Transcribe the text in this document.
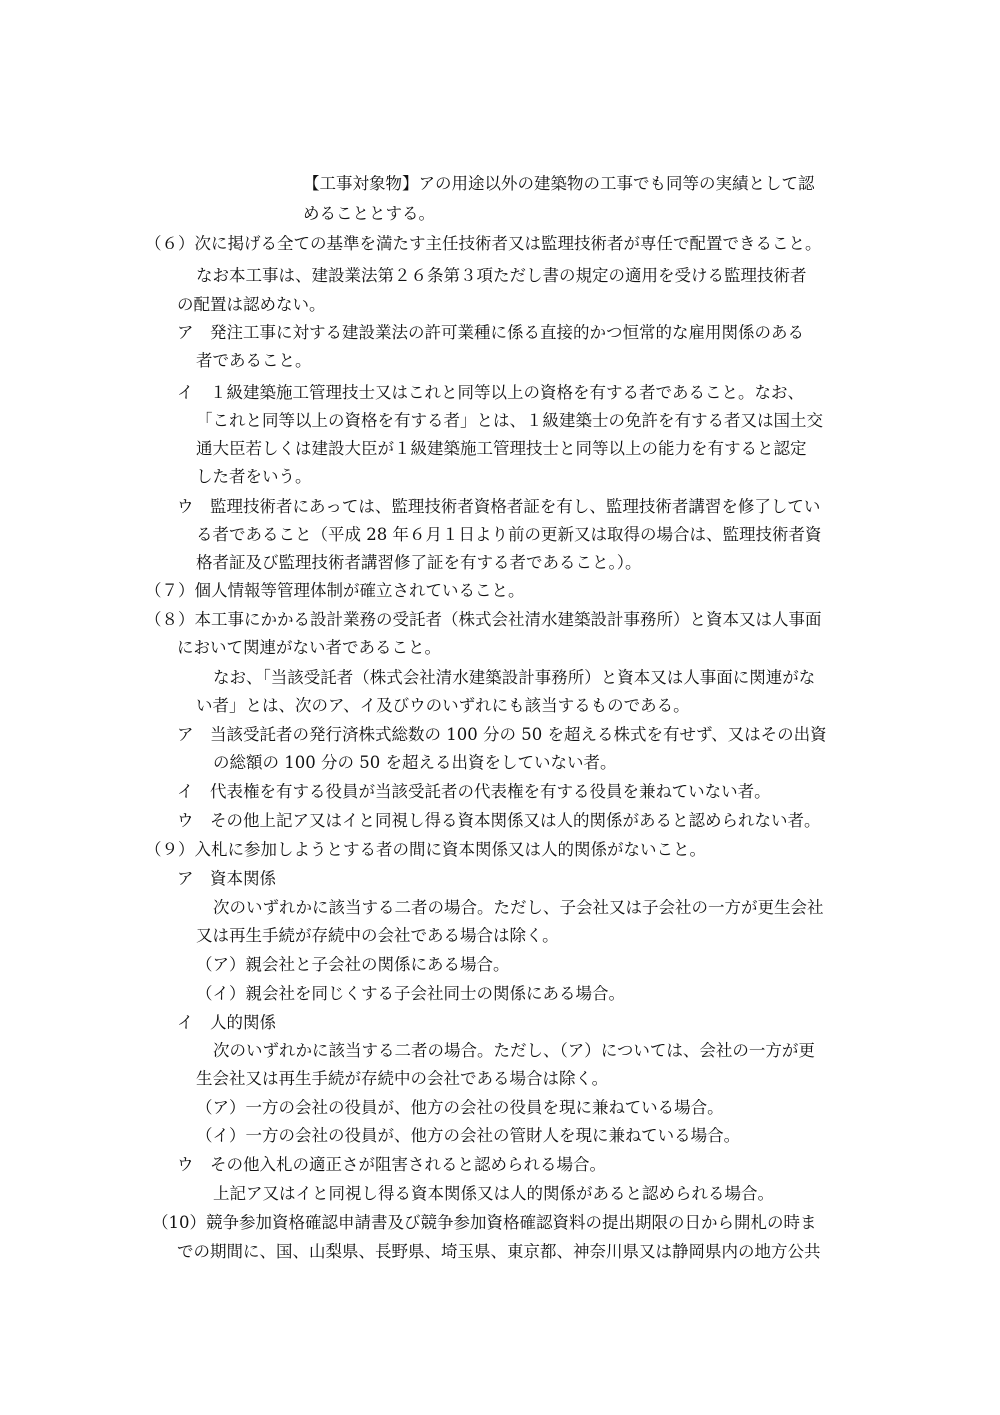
【工事対象物】アの用途以外の建築物の工事でも同等の実績として認

めることとする。

（６）次に掲げる全ての基準を満たす主任技術者又は監理技術者が専任で配置できること。

なお本工事は、建設業法第２６条第３項ただし書の規定の適用を受ける監理技術者

の配置は認めない。

ア　発注工事に対する建設業法の許可業種に係る直接的かつ恒常的な雇用関係のある

者であること。

イ　１級建築施工管理技士又はこれと同等以上の資格を有する者であること。なお、

「これと同等以上の資格を有する者」とは、１級建築士の免許を有する者又は国土交

通大臣若しくは建設大臣が１級建築施工管理技士と同等以上の能力を有すると認定

した者をいう。

ウ　監理技術者にあっては、監理技術者資格者証を有し、監理技術者講習を修了してい

る者であること（平成 28 年６月１日より前の更新又は取得の場合は、監理技術者資

格者証及び監理技術者講習修了証を有する者であること。）。

（７）個人情報等管理体制が確立されていること。

（８）本工事にかかる設計業務の受託者（株式会社清水建築設計事務所）と資本又は人事面

において関連がない者であること。

なお、「当該受託者（株式会社清水建築設計事務所）と資本又は人事面に関連がな

い者」とは、次のア、イ及びウのいずれにも該当するものである。

ア　当該受託者の発行済株式総数の 100 分の 50 を超える株式を有せず、又はその出資

の総額の 100 分の 50 を超える出資をしていない者。

イ　代表権を有する役員が当該受託者の代表権を有する役員を兼ねていない者。

ウ　その他上記ア又はイと同視し得る資本関係又は人的関係があると認められない者。

（９）入札に参加しようとする者の間に資本関係又は人的関係がないこと。

ア　資本関係

次のいずれかに該当する二者の場合。ただし、子会社又は子会社の一方が更生会社

又は再生手続が存続中の会社である場合は除く。

（ア）親会社と子会社の関係にある場合。

（イ）親会社を同じくする子会社同士の関係にある場合。

イ　人的関係

次のいずれかに該当する二者の場合。ただし、（ア）については、会社の一方が更

生会社又は再生手続が存続中の会社である場合は除く。

（ア）一方の会社の役員が、他方の会社の役員を現に兼ねている場合。

（イ）一方の会社の役員が、他方の会社の管財人を現に兼ねている場合。

ウ　その他入札の適正さが阻害されると認められる場合。

上記ア又はイと同視し得る資本関係又は人的関係があると認められる場合。

（10）競争参加資格確認申請書及び競争参加資格確認資料の提出期限の日から開札の時ま

での期間に、国、山梨県、長野県、埼玉県、東京都、神奈川県又は静岡県内の地方公共
